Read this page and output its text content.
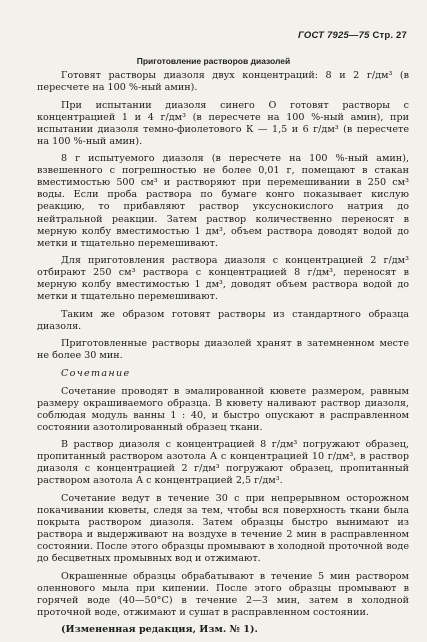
ГОСТ 7925—75 Стр. 27
Приготовление растворов диазолей

Готовят растворы диазоля двух концентраций: 8 и 2 г/дм³ (в пересчете на 100 %-ный амин).

При испытании диазоля синего О готовят растворы с концентрацией 1 и 4 г/дм³ (в пересчете на 100 %-ный амин), при испытании диазоля темно-фиолетового К — 1,5 и 6 г/дм³ (в пересчете на 100 %-ный амин).

8 г испытуемого диазоля (в пересчете на 100 %-ный амин), взвешенного с погрешностью не более 0,01 г, помещают в стакан вместимостью 500 см³ и растворяют при перемешивании в 250 см³ воды. Если проба раствора по бумаге конго показывает кислую реакцию, то прибавляют раствор уксуснокислого натрия до нейтральной реакции. Затем раствор количественно переносят в мерную колбу вместимостью 1 дм³, объем раствора доводят водой до метки и тщательно перемешивают.

Для приготовления раствора диазоля с концентрацией 2 г/дм³ отбирают 250 см³ раствора с концентрацией 8 г/дм³, переносят в мерную колбу вместимостью 1 дм³, доводят объем раствора водой до метки и тщательно перемешивают.

Таким же образом готовят растворы из стандартного образца диазоля.

Приготовленные растворы диазолей хранят в затемненном месте не более 30 мин.

Сочетание

Сочетание проводят в эмалированной кювете размером, равным размеру окрашиваемого образца. В кювету наливают раствор диазоля, соблюдая модуль ванны 1 : 40, и быстро опускают в расправленном состоянии азотолированный образец ткани.

В раствор диазоля с концентрацией 8 г/дм³ погружают образец, пропитанный раствором азотола А с концентрацией 10 г/дм³, в раствор диазоля с концентрацией 2 г/дм³ погружают образец, пропитанный раствором азотола А с концентрацией 2,5 г/дм³.

Сочетание ведут в течение 30 с при непрерывном осторожном покачивании кюветы, следя за тем, чтобы вся поверхность ткани была покрыта раствором диазоля. Затем образцы быстро вынимают из раствора и выдерживают на воздухе в течение 2 мин в расправленном состоянии. После этого образцы промывают в холодной проточной воде до бесцветных промывных вод и отжимают.

Окрашенные образцы обрабатывают в течение 5 мин раствором оленнового мыла при кипении. После этого образцы промывают в горячей воде (40—50°С) в течение 2—3 мин, затем в холодной проточной воде, отжимают и сушат в расправленном состоянии.

(Измененная редакция, Изм. № 1).
